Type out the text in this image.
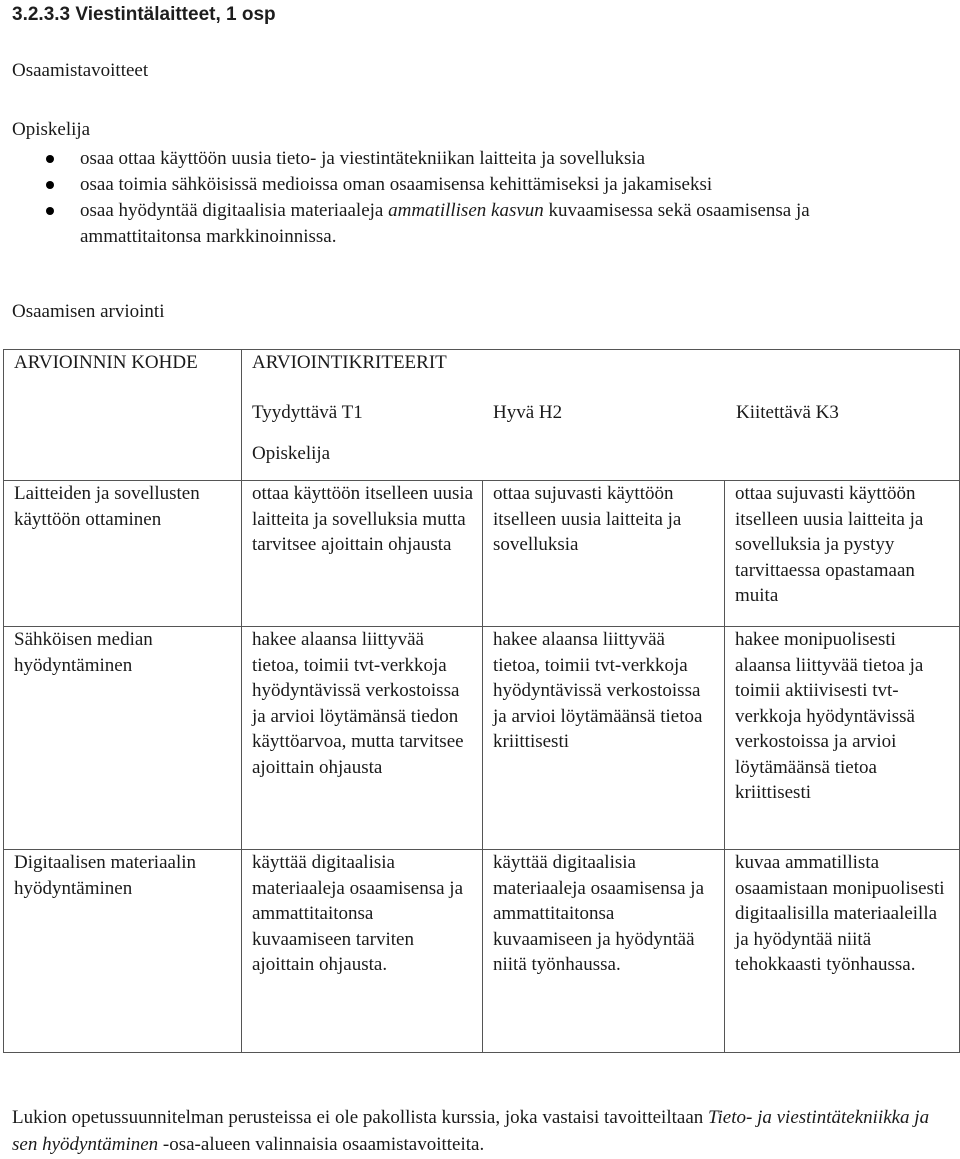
3.2.3.3 Viestintälaitteet, 1 osp

Osaamistavoitteet

Opiskelija

osaa ottaa käyttöön uusia tieto- ja viestintätekniikan laitteita ja sovelluksia
osaa toimia sähköisissä medioissa oman osaamisensa kehittämiseksi ja jakamiseksi
osaa hyödyntää digitaalisia materiaaleja ammatillisen kasvun kuvaamisessa sekä osaamisensa ja ammattitaitonsa markkinoinnissa.

Osaamisen arviointi

ARVIOINNIN KOHDE	ARVIOINTIKRITEERIT
Tyydyttävä T1 Hyvä H2 Kiitettävä K3
Opiskelija		

Laitteiden ja sovellusten käyttöön ottaminen	ottaa käyttöön itselleen uusia laitteita ja sovelluksia mutta tarvitsee ajoittain ohjausta	ottaa sujuvasti käyttöön itselleen uusia laitteita ja sovelluksia	ottaa sujuvasti käyttöön itselleen uusia laitteita ja sovelluksia ja pystyy tarvittaessa opastamaan muita
Sähköisen median hyödyntäminen	hakee alaansa liittyvää tietoa, toimii tvt-verkkoja hyödyntävissä verkostoissa ja arvioi löytämänsä tiedon käyttöarvoa, mutta tarvitsee ajoittain ohjausta	hakee alaansa liittyvää tietoa, toimii tvt-verkkoja hyödyntävissä verkostoissa ja arvioi löytämäänsä tietoa kriittisesti	hakee monipuolisesti alaansa liittyvää tietoa ja toimii aktiivisesti tvt-verkkoja hyödyntävissä verkostoissa ja arvioi löytämäänsä tietoa kriittisesti
Digitaalisen materiaalin hyödyntäminen	käyttää digitaalisia materiaaleja osaamisensa ja ammattitaitonsa kuvaamiseen tarviten ajoittain ohjausta.	käyttää digitaalisia materiaaleja osaamisensa ja ammattitaitonsa kuvaamiseen ja hyödyntää niitä työnhaussa.	kuvaa ammatillista osaamistaan monipuolisesti digitaalisilla materiaaleilla ja hyödyntää niitä tehokkaasti työnhaussa.

Lukion opetussuunnitelman perusteissa ei ole pakollista kurssia, joka vastaisi tavoitteiltaan Tieto- ja viestintätekniikka ja sen hyödyntäminen -osa-alueen valinnaisia osaamistavoitteita.
